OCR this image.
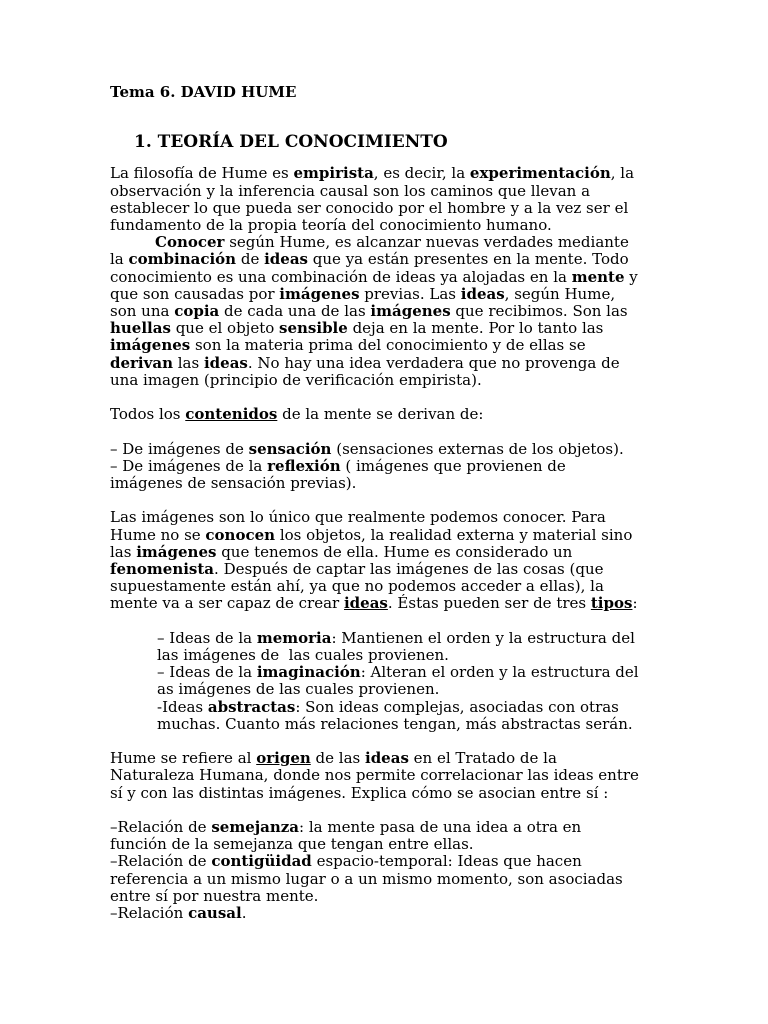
Tema 6. DAVID HUME
1. TEORÍA DEL CONOCIMIENTO
La filosofía de Hume es empirista, es decir, la experimentación, la
observación y la inferencia causal son los caminos que llevan a
establecer lo que pueda ser conocido por el hombre y a la vez ser el
fundamento de la propia teoría del conocimiento humano.
Conocer según Hume, es alcanzar nuevas verdades mediante
la combinación de ideas que ya están presentes en la mente. Todo
conocimiento es una combinación de ideas ya alojadas en la mente y
que son causadas por imágenes previas. Las ideas, según Hume,
son una copia de cada una de las imágenes que recibimos. Son las
huellas que el objeto sensible deja en la mente. Por lo tanto las
imágenes son la materia prima del conocimiento y de ellas se
derivan las ideas. No hay una idea verdadera que no provenga de
una imagen (principio de verificación empirista).
Todos los contenidos de la mente se derivan de:
– De imágenes de sensación (sensaciones externas de los objetos).
– De imágenes de la reflexión ( imágenes que provienen de
imágenes de sensación previas).
Las imágenes son lo único que realmente podemos conocer. Para
Hume no se conocen los objetos, la realidad externa y material sino
las imágenes que tenemos de ella. Hume es considerado un
fenomenista. Después de captar las imágenes de las cosas (que
supuestamente están ahí, ya que no podemos acceder a ellas), la
mente va a ser capaz de crear ideas. Éstas pueden ser de tres tipos:
– Ideas de la memoria: Mantienen el orden y la estructura del
las imágenes de  las cuales provienen.
– Ideas de la imaginación: Alteran el orden y la estructura del
as imágenes de las cuales provienen.
-Ideas abstractas: Son ideas complejas, asociadas con otras
muchas. Cuanto más relaciones tengan, más abstractas serán.
Hume se refiere al origen de las ideas en el Tratado de la
Naturaleza Humana, donde nos permite correlacionar las ideas entre
sí y con las distintas imágenes. Explica cómo se asocian entre sí :
–Relación de semejanza: la mente pasa de una idea a otra en
función de la semejanza que tengan entre ellas.
–Relación de contigüidad espacio-temporal: Ideas que hacen
referencia a un mismo lugar o a un mismo momento, son asociadas
entre sí por nuestra mente.
–Relación causal.
